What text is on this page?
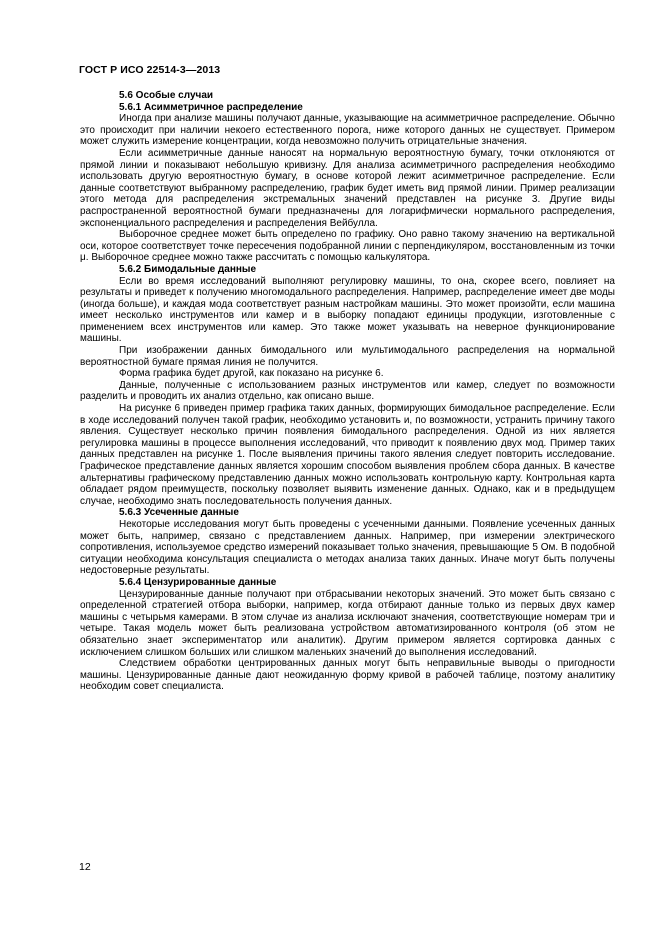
ГОСТ Р ИСО 22514-3—2013
5.6 Особые случаи
5.6.1 Асимметричное распределение

Иногда при анализе машины получают данные, указывающие на асимметричное распределение. Обычно это происходит при наличии некоего естественного порога, ниже которого данных не существует. Примером может служить измерение концентрации, когда невозможно получить отрицательные значения.

Если асимметричные данные наносят на нормальную вероятностную бумагу, точки отклоняются от прямой линии и показывают небольшую кривизну. Для анализа асимметричного распределения необходимо использовать другую вероятностную бумагу, в основе которой лежит асимметричное распределение. Если данные соответствуют выбранному распределению, график будет иметь вид прямой линии. Пример реализации этого метода для распределения экстремальных значений представлен на рисунке 3. Другие виды распространенной вероятностной бумаги предназначены для логарифмически нормального распределения, экспоненциального распределения и распределения Вейбулла.

Выборочное среднее может быть определено по графику. Оно равно такому значению на вертикальной оси, которое соответствует точке пересечения подобранной линии с перпендикуляром, восстановленным из точки μ. Выборочное среднее можно также рассчитать с помощью калькулятора.

5.6.2 Бимодальные данные

Если во время исследований выполняют регулировку машины, то она, скорее всего, повлияет на результаты и приведет к получению многомодального распределения. Например, распределение имеет две моды (иногда больше), и каждая мода соответствует разным настройкам машины. Это может произойти, если машина имеет несколько инструментов или камер и в выборку попадают единицы продукции, изготовленные с применением всех инструментов или камер. Это также может указывать на неверное функционирование машины.

При изображении данных бимодального или мультимодального распределения на нормальной вероятностной бумаге прямая линия не получится.

Форма графика будет другой, как показано на рисунке 6.

Данные, полученные с использованием разных инструментов или камер, следует по возможности разделить и проводить их анализ отдельно, как описано выше.

На рисунке 6 приведен пример графика таких данных, формирующих бимодальное распределение. Если в ходе исследований получен такой график, необходимо установить и, по возможности, устранить причину такого явления. Существует несколько причин появления бимодального распределения. Одной из них является регулировка машины в процессе выполнения исследований, что приводит к появлению двух мод. Пример таких данных представлен на рисунке 1. После выявления причины такого явления следует повторить исследование. Графическое представление данных является хорошим способом выявления проблем сбора данных. В качестве альтернативы графическому представлению данных можно использовать контрольную карту. Контрольная карта обладает рядом преимуществ, поскольку позволяет выявить изменение данных. Однако, как и в предыдущем случае, необходимо знать последовательность получения данных.

5.6.3 Усеченные данные

Некоторые исследования могут быть проведены с усеченными данными. Появление усеченных данных может быть, например, связано с представлением данных. Например, при измерении электрического сопротивления, используемое средство измерений показывает только значения, превышающие 5 Ом. В подобной ситуации необходима консультация специалиста о методах анализа таких данных. Иначе могут быть получены недостоверные результаты.

5.6.4 Цензурированные данные

Цензурированные данные получают при отбрасывании некоторых значений. Это может быть связано с определенной стратегией отбора выборки, например, когда отбирают данные только из первых двух камер машины с четырьмя камерами. В этом случае из анализа исключают значения, соответствующие номерам три и четыре. Такая модель может быть реализована устройством автоматизированного контроля (об этом не обязательно знает экспериментатор или аналитик). Другим примером является сортировка данных с исключением слишком больших или слишком маленьких значений до выполнения исследований.

Следствием обработки центрированных данных могут быть неправильные выводы о пригодности машины. Цензурированные данные дают неожиданную форму кривой в рабочей таблице, поэтому аналитику необходим совет специалиста.

12
